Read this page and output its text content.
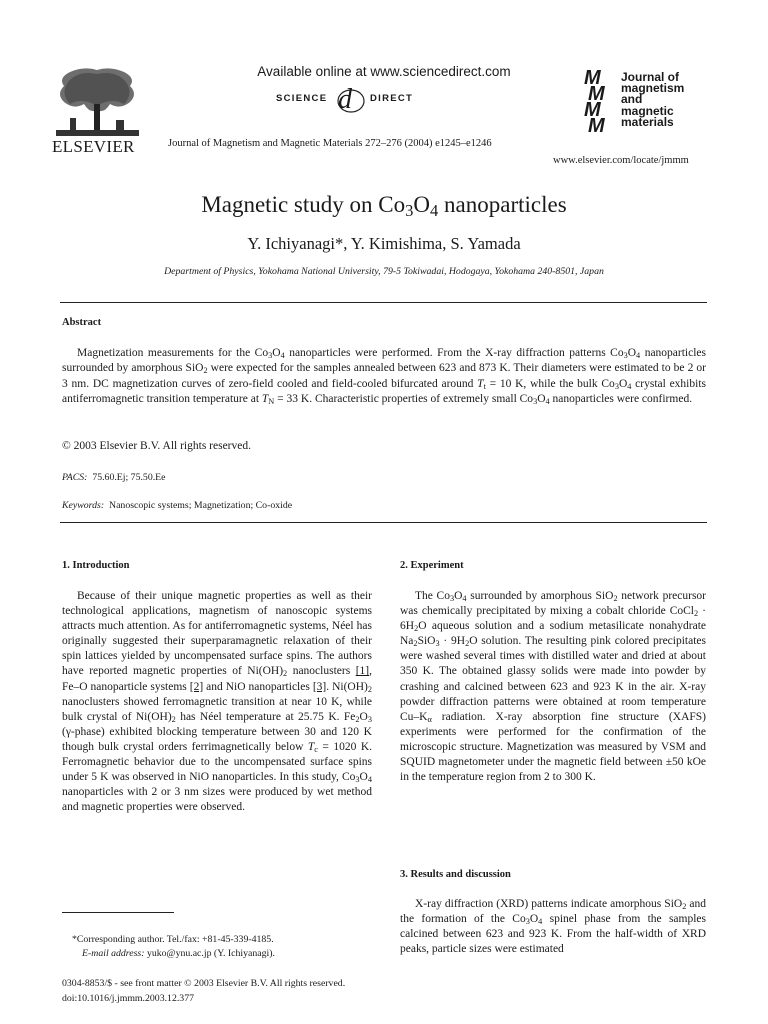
ELSEVIER
Available online at www.sciencedirect.com
SCIENCE d DIRECT
Journal of Magnetism and Magnetic Materials 272–276 (2004) e1245–e1246
M
M
M
M
Journal of
magnetism
and
magnetic
materials
www.elsevier.com/locate/jmmm
Magnetic study on $Co_3O_4$ nanoparticles
Y. Ichiyanagi*, Y. Kimishima, S. Yamada
Department of Physics, Yokohama National University, 79-5 Tokiwadai, Hodogaya, Yokohama 240-8501, Japan
Abstract

Magnetization measurements for the $Co_3O_4$ nanoparticles were performed. From the X-ray diffraction patterns $Co_3O_4$ nanoparticles surrounded by amorphous SiO$_2$ were expected for the samples annealed between 623 and 873 K. Their diameters were estimated to be 2 or 3 nm. DC magnetization curves of zero-field cooled and field-cooled bifurcated around $T_t = 10$ K, while the bulk $Co_3O_4$ crystal exhibits antiferromagnetic transition temperature at $T_N = 33$ K. Characteristic properties of extremely small $Co_3O_4$ nanoparticles were confirmed.

© 2003 Elsevier B.V. All rights reserved.
PACS: 75.60.Ej; 75.50.Ee
Keywords: Nanoscopic systems; Magnetization; Co-oxide
1. Introduction

Because of their unique magnetic properties as well as their technological applications, magnetism of nanoscopic systems attracts much attention. As for antiferromagnetic systems, Néel has originally suggested their superparamagnetic relaxation of their spin lattices yielded by uncompensated surface spins. The authors have reported magnetic properties of $Ni(OH)_2$ nanoclusters [1], Fe–O nanoparticle systems [2] and NiO nanoparticles [3]. $Ni(OH)_2$ nanoclusters showed ferromagnetic transition at near 10 K, while bulk crystal of $Ni(OH)_2$ has Néel temperature at 25.75 K. $Fe_2O_3$ (γ-phase) exhibited blocking temperature between 30 and 120 K though bulk crystal orders ferrimagnetically below $T_c = 1020$ K. Ferromagnetic behavior due to the uncompensated surface spins under 5 K was observed in NiO nanoparticles. In this study, $Co_3O_4$ nanoparticles with 2 or 3 nm sizes were produced by wet method and magnetic properties were observed.

*Corresponding author. Tel./fax: +81-45-339-4185.
E-mail address: yuko@ynu.ac.jp (Y. Ichiyanagi).
0304-8853/$ - see front matter © 2003 Elsevier B.V. All rights reserved.
doi:10.1016/j.jmmm.2003.12.377
2. Experiment

The $Co_3O_4$ surrounded by amorphous SiO$_2$ network precursor was chemically precipitated by mixing a cobalt chloride CoCl$_2$ · $6H_2O$ aqueous solution and a sodium metasilicate nonahydrate $Na_2SiO_3 \cdot 9H_2O$ solution. The resulting pink colored precipitates were washed several times with distilled water and dried at about 350 K. The obtained glassy solids were made into powder by crashing and calcined between 623 and 923 K in the air. X-ray powder diffraction patterns were obtained at room temperature $Cu-K_\alpha$ radiation. X-ray absorption fine structure (XAFS) experiments were performed for the confirmation of the microscopic structure. Magnetization was measured by VSM and SQUID magnetometer under the magnetic field between ±50 kOe in the temperature region from 2 to 300 K.

3. Results and discussion

X-ray diffraction (XRD) patterns indicate amorphous SiO$_2$ and the formation of the $Co_3O_4$ spinel phase from the samples calcined between 623 and 923 K. From the half-width of XRD peaks, particle sizes were estimated
